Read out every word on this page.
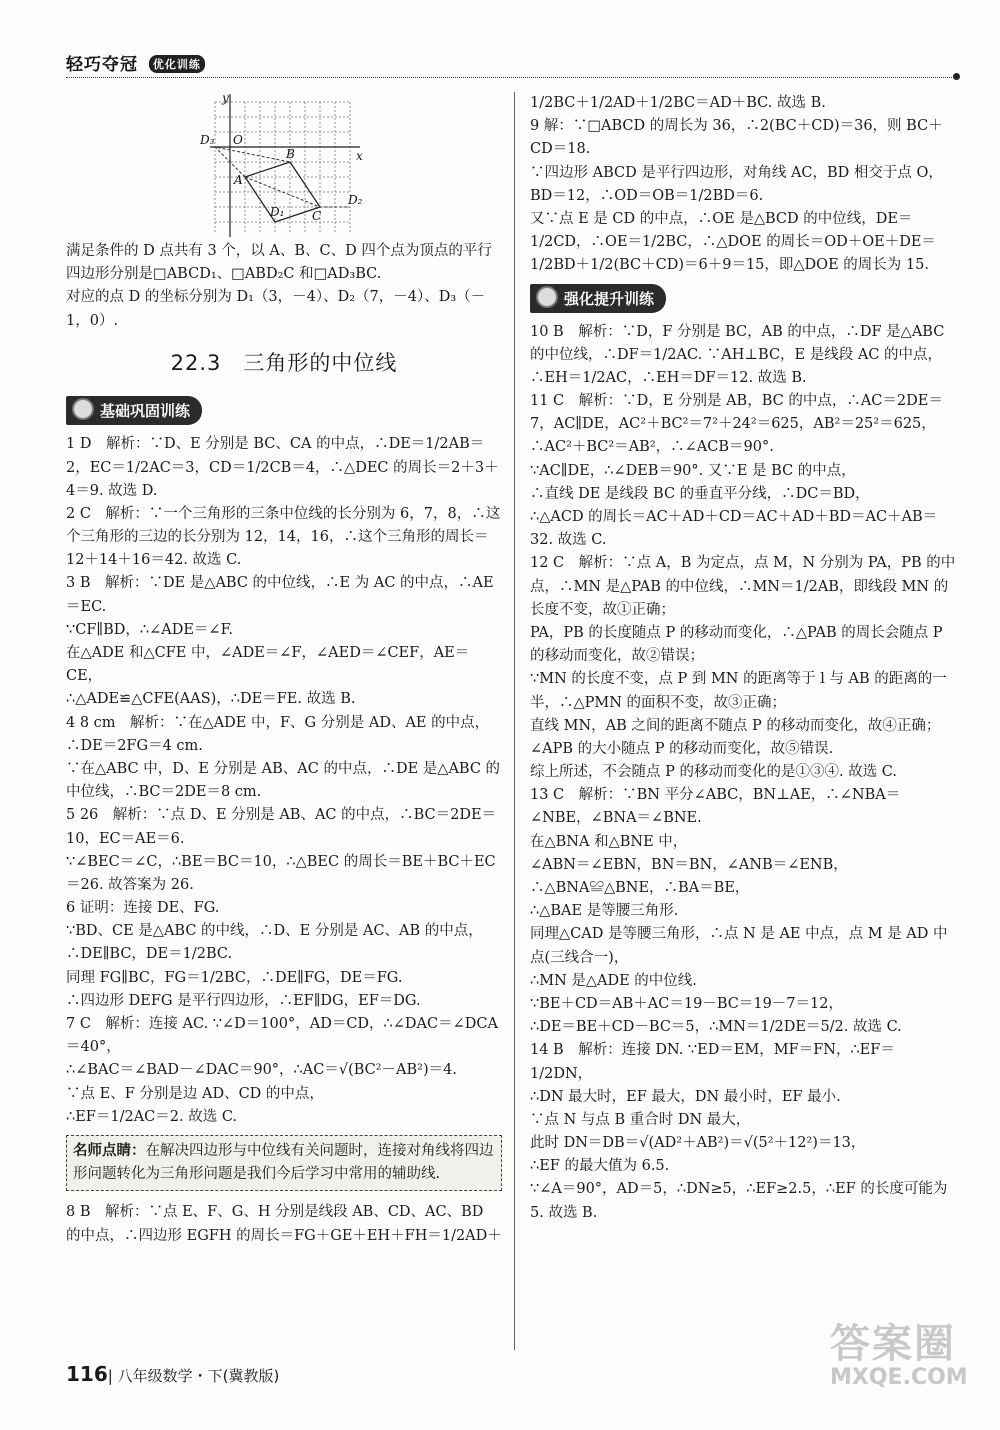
轻巧夺冠 优化训练
y
x
O
D₃
A
B
C
D₁
D₂

满足条件的 D 点共有 3 个，以 A、B、C、D 四个点为顶点的平行四边形分别是□ABCD₁、□ABD₂C 和□AD₃BC.

对应的点 D 的坐标分别为 D₁（3，－4）、D₂（7，－4）、D₃（－1，0）.

22.3　三角形的中位线
基础巩固训练

1 D　解析：∵D、E 分别是 BC、CA 的中点，∴DE＝1/2AB＝2，EC＝1/2AC＝3，CD＝1/2CB＝4，∴△DEC 的周长＝2＋3＋4＝9. 故选 D.

2 C　解析：∵一个三角形的三条中位线的长分别为 6，7，8，∴这个三角形的三边的长分别为 12，14，16，∴这个三角形的周长＝12＋14＋16＝42. 故选 C.

3 B　解析：∵DE 是△ABC 的中位线，∴E 为 AC 的中点，∴AE＝EC.

∵CF∥BD，∴∠ADE＝∠F.

在△ADE 和△CFE 中，∠ADE＝∠F，∠AED＝∠CEF，AE＝CE，

∴△ADE≌△CFE(AAS)，∴DE＝FE. 故选 B.

4 8 cm　解析：∵在△ADE 中，F、G 分别是 AD、AE 的中点，∴DE＝2FG＝4 cm.

∵在△ABC 中，D、E 分别是 AB、AC 的中点，∴DE 是△ABC 的中位线，∴BC＝2DE＝8 cm.

5 26　解析：∵点 D、E 分别是 AB、AC 的中点，∴BC＝2DE＝10，EC＝AE＝6.

∵∠BEC＝∠C，∴BE＝BC＝10，∴△BEC 的周长＝BE＋BC＋EC＝26. 故答案为 26.

6 证明：连接 DE、FG.

∵BD、CE 是△ABC 的中线，∴D、E 分别是 AC、AB 的中点，∴DE∥BC，DE＝1/2BC.

同理 FG∥BC，FG＝1/2BC，∴DE∥FG，DE＝FG.

∴四边形 DEFG 是平行四边形，∴EF∥DG，EF＝DG.

7 C　解析：连接 AC. ∵∠D＝100°，AD＝CD，∴∠DAC＝∠DCA＝40°，

∴∠BAC＝∠BAD－∠DAC＝90°，∴AC＝√(BC²－AB²)＝4.

∵点 E、F 分别是边 AD、CD 的中点，

∴EF＝1/2AC＝2. 故选 C.

名师点睛：在解决四边形与中位线有关问题时，连接对角线将四边形问题转化为三角形问题是我们今后学习中常用的辅助线.

8 B　解析：∵点 E、F、G、H 分别是线段 AB、CD、AC、BD 的中点，∴四边形 EGFH 的周长＝FG＋GE＋EH＋FH＝1/2AD＋

1/2BC＋1/2AD＋1/2BC＝AD＋BC. 故选 B.

9 解：∵□ABCD 的周长为 36，∴2(BC＋CD)＝36，则 BC＋CD＝18.

∵四边形 ABCD 是平行四边形，对角线 AC，BD 相交于点 O，BD＝12，∴OD＝OB＝1/2BD＝6.

又∵点 E 是 CD 的中点，∴OE 是△BCD 的中位线，DE＝1/2CD，∴OE＝1/2BC，∴△DOE 的周长＝OD＋OE＋DE＝1/2BD＋1/2(BC＋CD)＝6＋9＝15，即△DOE 的周长为 15.

强化提升训练

10 B　解析：∵D，F 分别是 BC，AB 的中点，∴DF 是△ABC 的中位线，∴DF＝1/2AC. ∵AH⊥BC，E 是线段 AC 的中点，∴EH＝1/2AC，∴EH＝DF＝12. 故选 B.

11 C　解析：∵D，E 分别是 AB，BC 的中点，∴AC＝2DE＝7，AC∥DE，AC²＋BC²＝7²＋24²＝625，AB²＝25²＝625，∴AC²＋BC²＝AB²，∴∠ACB＝90°.

∵AC∥DE，∴∠DEB＝90°. 又∵E 是 BC 的中点，

∴直线 DE 是线段 BC 的垂直平分线，∴DC＝BD，

∴△ACD 的周长＝AC＋AD＋CD＝AC＋AD＋BD＝AC＋AB＝32. 故选 C.

12 C　解析：∵点 A，B 为定点，点 M，N 分别为 PA，PB 的中点，∴MN 是△PAB 的中位线，∴MN＝1/2AB，即线段 MN 的长度不变，故①正确；

PA，PB 的长度随点 P 的移动而变化，∴△PAB 的周长会随点 P 的移动而变化，故②错误；

∵MN 的长度不变，点 P 到 MN 的距离等于 l 与 AB 的距离的一半，∴△PMN 的面积不变，故③正确；

直线 MN，AB 之间的距离不随点 P 的移动而变化，故④正确；

∠APB 的大小随点 P 的移动而变化，故⑤错误.

综上所述，不会随点 P 的移动而变化的是①③④. 故选 C.

13 C　解析：∵BN 平分∠ABC，BN⊥AE，∴∠NBA＝∠NBE，∠BNA＝∠BNE.

在△BNA 和△BNE 中，

∠ABN＝∠EBN，BN＝BN，∠ANB＝∠ENB，∴△BNA≌△BNE，∴BA＝BE，

∴△BAE 是等腰三角形.

同理△CAD 是等腰三角形，∴点 N 是 AE 中点，点 M 是 AD 中点(三线合一)，

∴MN 是△ADE 的中位线.

∵BE＋CD＝AB＋AC＝19－BC＝19－7＝12，

∴DE＝BE＋CD－BC＝5，∴MN＝1/2DE＝5/2. 故选 C.

14 B　解析：连接 DN. ∵ED＝EM，MF＝FN，∴EF＝1/2DN，

∴DN 最大时，EF 最大，DN 最小时，EF 最小.

∵点 N 与点 B 重合时 DN 最大，

此时 DN＝DB＝√(AD²＋AB²)＝√(5²＋12²)＝13，

∴EF 的最大值为 6.5.

∵∠A＝90°，AD＝5，∴DN≥5，∴EF≥2.5，∴EF 的长度可能为 5. 故选 B.

116| 八年级数学・下(冀教版)
答案圈
MXQE.COM
